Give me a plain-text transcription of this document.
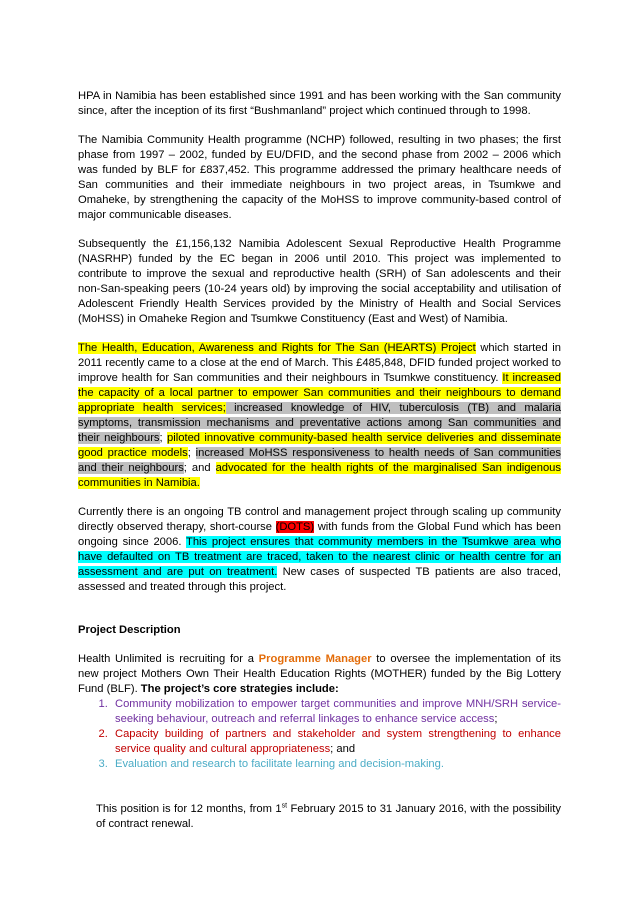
HPA in Namibia has been established since 1991 and has been working with the San community since, after the inception of its first “Bushmanland” project which continued through to 1998.

The Namibia Community Health programme (NCHP) followed, resulting in two phases; the first phase from 1997 – 2002, funded by EU/DFID, and the second phase from 2002 – 2006 which was funded by BLF for £837,452. This programme addressed the primary healthcare needs of San communities and their immediate neighbours in two project areas, in Tsumkwe and Omaheke, by strengthening the capacity of the MoHSS to improve community-based control of major communicable diseases.

Subsequently the £1,156,132 Namibia Adolescent Sexual Reproductive Health Programme (NASRHP) funded by the EC began in 2006 until 2010. This project was implemented to contribute to improve the sexual and reproductive health (SRH) of San adolescents and their non-San-speaking peers (10-24 years old) by improving the social acceptability and utilisation of Adolescent Friendly Health Services provided by the Ministry of Health and Social Services (MoHSS) in Omaheke Region and Tsumkwe Constituency (East and West) of Namibia.

The Health, Education, Awareness and Rights for The San (HEARTS) Project which started in 2011 recently came to a close at the end of March. This £485,848, DFID funded project worked to improve health for San communities and their neighbours in Tsumkwe constituency. It increased the capacity of a local partner to empower San communities and their neighbours to demand appropriate health services; increased knowledge of HIV, tuberculosis (TB) and malaria symptoms, transmission mechanisms and preventative actions among San communities and their neighbours; piloted innovative community-based health service deliveries and disseminate good practice models; increased MoHSS responsiveness to health needs of San communities and their neighbours; and advocated for the health rights of the marginalised San indigenous communities in Namibia.

Currently there is an ongoing TB control and management project through scaling up community directly observed therapy, short-course (DOTS) with funds from the Global Fund which has been ongoing since 2006. This project ensures that community members in the Tsumkwe area who have defaulted on TB treatment are traced, taken to the nearest clinic or health centre for an assessment and are put on treatment. New cases of suspected TB patients are also traced, assessed and treated through this project.

Project Description

Health Unlimited is recruiting for a Programme Manager to oversee the implementation of its new project Mothers Own Their Health Education Rights (MOTHER) funded by the Big Lottery Fund (BLF). The project’s core strategies include:

1. Community mobilization to empower target communities and improve MNH/SRH service-seeking behaviour, outreach and referral linkages to enhance service access;
2. Capacity building of partners and stakeholder and system strengthening to enhance service quality and cultural appropriateness; and
3. Evaluation and research to facilitate learning and decision-making.

This position is for 12 months, from 1st February 2015 to 31 January 2016, with the possibility of contract renewal.
